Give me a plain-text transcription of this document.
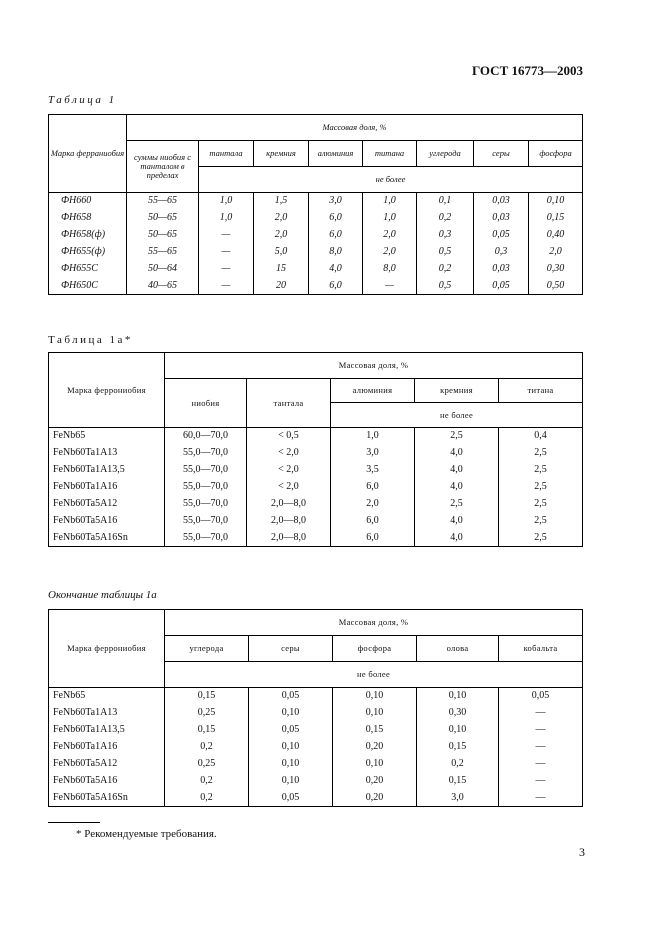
ГОСТ 16773—2003
Таблица 1
Марка ферраниобия	Массовая доля, %							
	суммы ниобия с танталом в пределах	тантала	кремния	алюминия	титана	углерода	серы	фосфора
		не более						
ФН660	55—65	1,0	1,5	3,0	1,0	0,1	0,03	0,10
ФН658	50—65	1,0	2,0	6,0	1,0	0,2	0,03	0,15
ФН658(ф)	50—65	—	2,0	6,0	2,0	0,3	0,05	0,40
ФН655(ф)	55—65	—	5,0	8,0	2,0	0,5	0,3	2,0
ФН655С	50—64	—	15	4,0	8,0	0,2	0,03	0,30
ФН650С	40—65	—	20	6,0	—	0,5	0,05	0,50
Таблица 1а*
Марка феррониобия	Массовая доля, %				
	ниобия	тантала	алюминия	кремния	титана
			не более		
FeNb65	60,0—70,0	< 0,5	1,0	2,5	0,4
FeNb60Ta1A13	55,0—70,0	< 2,0	3,0	4,0	2,5
FeNb60Ta1A13,5	55,0—70,0	< 2,0	3,5	4,0	2,5
FeNb60Ta1A16	55,0—70,0	< 2,0	6,0	4,0	2,5
FeNb60Ta5A12	55,0—70,0	2,0—8,0	2,0	2,5	2,5
FeNb60Ta5A16	55,0—70,0	2,0—8,0	6,0	4,0	2,5
FeNb60Ta5A16Sn	55,0—70,0	2,0—8,0	6,0	4,0	2,5
Окончание таблицы 1а
Марка феррониобия	Массовая доля, %				
	углерода	серы	фосфора	олова	кобальта
	не более				
FeNb65	0,15	0,05	0,10	0,10	0,05
FeNb60Ta1A13	0,25	0,10	0,10	0,30	—
FeNb60Ta1A13,5	0,15	0,05	0,15	0,10	—
FeNb60Ta1A16	0,2	0,10	0,20	0,15	—
FeNb60Ta5A12	0,25	0,10	0,10	0,2	—
FeNb60Ta5A16	0,2	0,10	0,20	0,15	—
FeNb60Ta5A16Sn	0,2	0,05	0,20	3,0	—
* Рекомендуемые требования.
3
